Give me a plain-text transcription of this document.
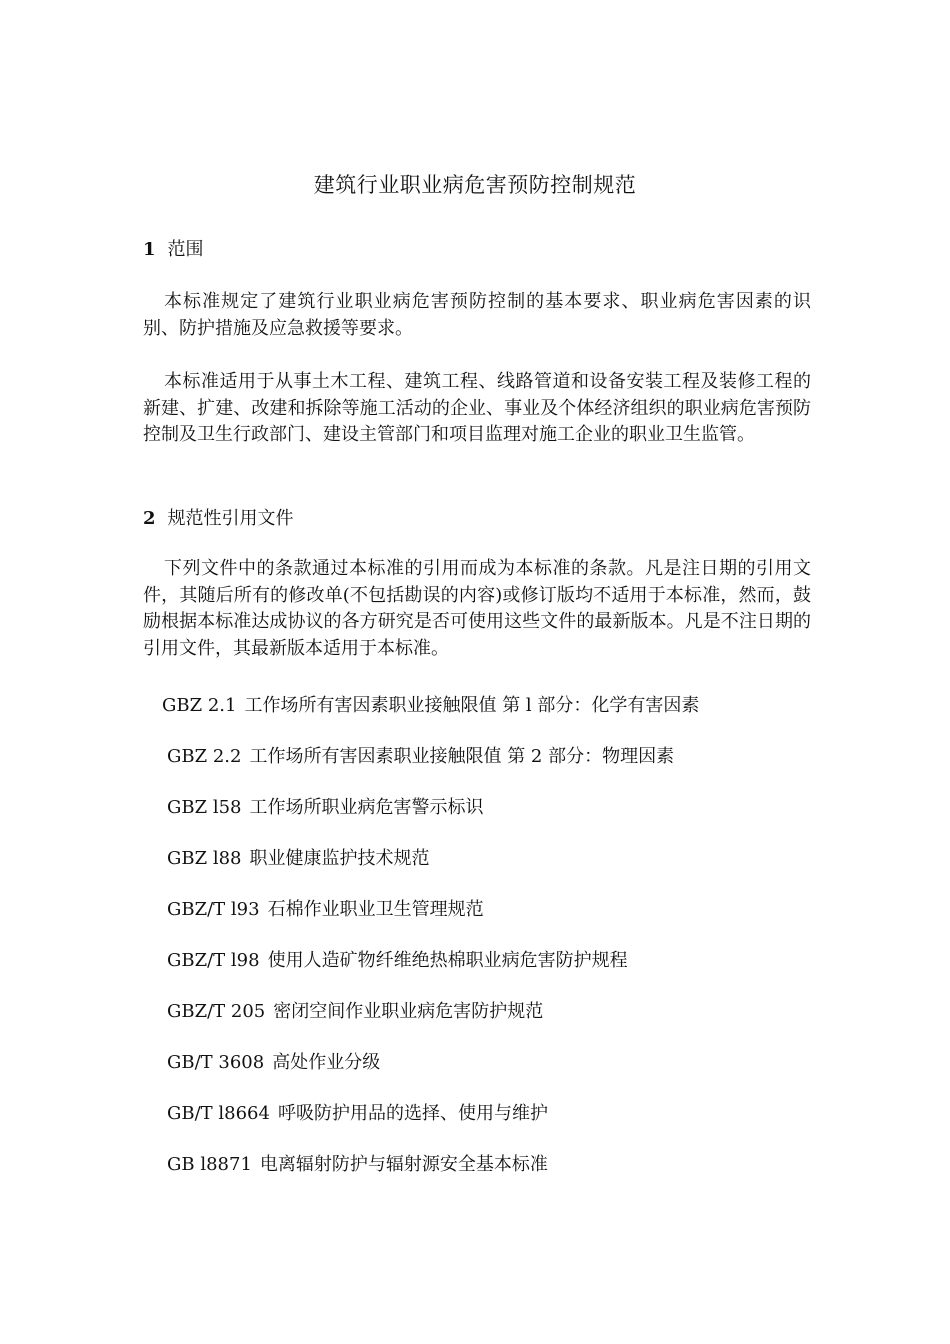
建筑行业职业病危害预防控制规范
1 范围

本标准规定了建筑行业职业病危害预防控制的基本要求、职业病危害因素的识别、防护措施及应急救援等要求。

本标准适用于从事土木工程、建筑工程、线路管道和设备安装工程及装修工程的新建、扩建、改建和拆除等施工活动的企业、事业及个体经济组织的职业病危害预防控制及卫生行政部门、建设主管部门和项目监理对施工企业的职业卫生监管。

2 规范性引用文件

下列文件中的条款通过本标准的引用而成为本标准的条款。凡是注日期的引用文件，其随后所有的修改单(不包括勘误的内容)或修订版均不适用于本标准，然而，鼓励根据本标准达成协议的各方研究是否可使用这些文件的最新版本。凡是不注日期的引用文件，其最新版本适用于本标准。

GBZ 2.1 工作场所有害因素职业接触限值 第 l 部分：化学有害因素
GBZ 2.2 工作场所有害因素职业接触限值 第 2 部分：物理因素
GBZ l58 工作场所职业病危害警示标识
GBZ l88 职业健康监护技术规范
GBZ/T l93 石棉作业职业卫生管理规范
GBZ/T l98 使用人造矿物纤维绝热棉职业病危害防护规程
GBZ/T 205 密闭空间作业职业病危害防护规范
GB/T 3608 高处作业分级
GB/T l8664 呼吸防护用品的选择、使用与维护
GB l8871 电离辐射防护与辐射源安全基本标准
